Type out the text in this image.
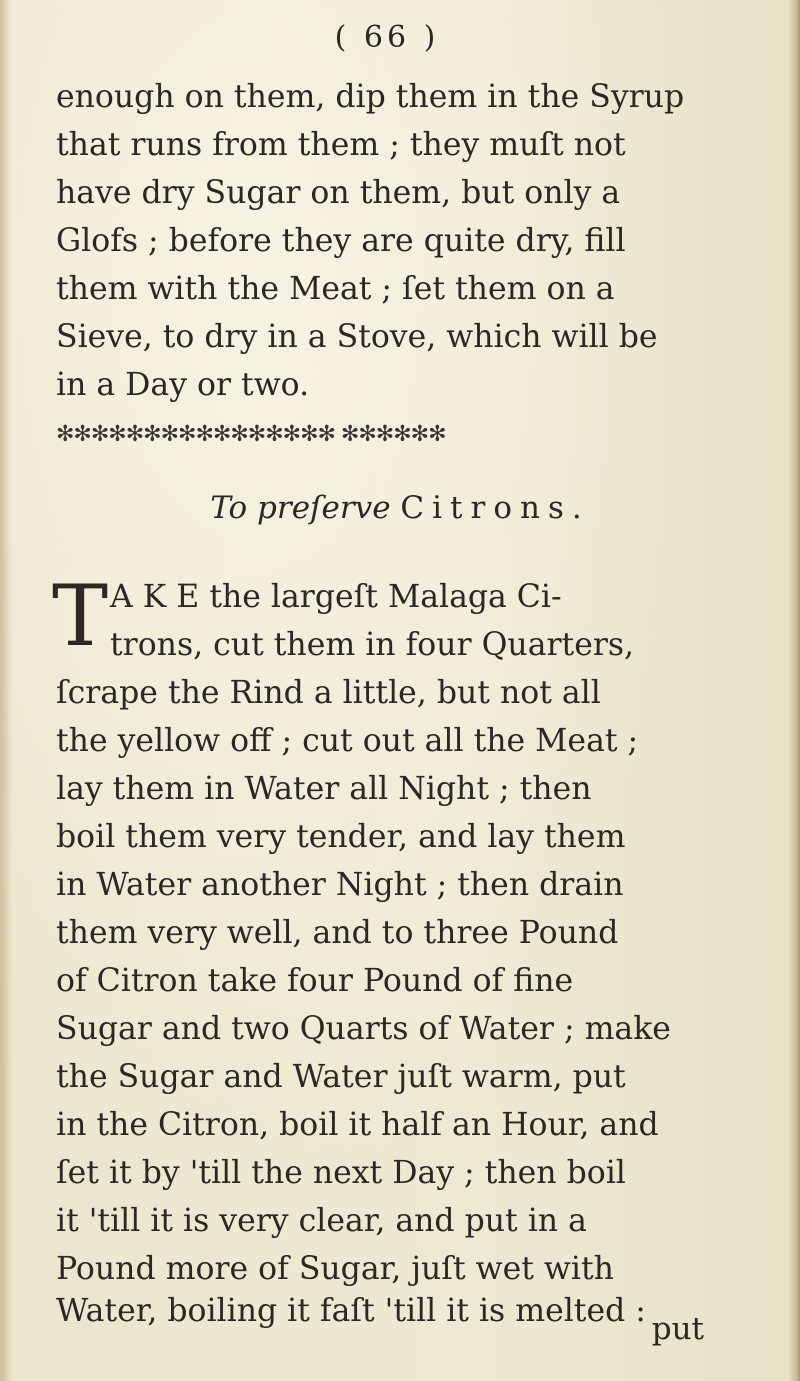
( 66 )
enough on them, dip them in the Syrup
that runs from them ; they muſt not
have dry Sugar on them, but only a
Glofs ; before they are quite dry, fill
them with the Meat ; ſet them on a
Sieve, to dry in a Stove, which will be
in a Day or two.
✻✻✻✻✻✻✻✻✻✻✻✻✻✻✻✻ ✻✻✻✻✻✻
To preſerve Citrons.
T A K E the largeſt Malaga Ci-
trons, cut them in four Quarters,
ſcrape the Rind a little, but not all
the yellow off ; cut out all the Meat ;
lay them in Water all Night ; then
boil them very tender, and lay them
in Water another Night ; then drain
them very well, and to three Pound
of Citron take four Pound of fine
Sugar and two Quarts of Water ; make
the Sugar and Water juſt warm, put
in the Citron, boil it half an Hour, and
ſet it by 'till the next Day ; then boil
it 'till it is very clear, and put in a
Pound more of Sugar, juſt wet with
Water, boiling it faſt 'till it is melted : put
